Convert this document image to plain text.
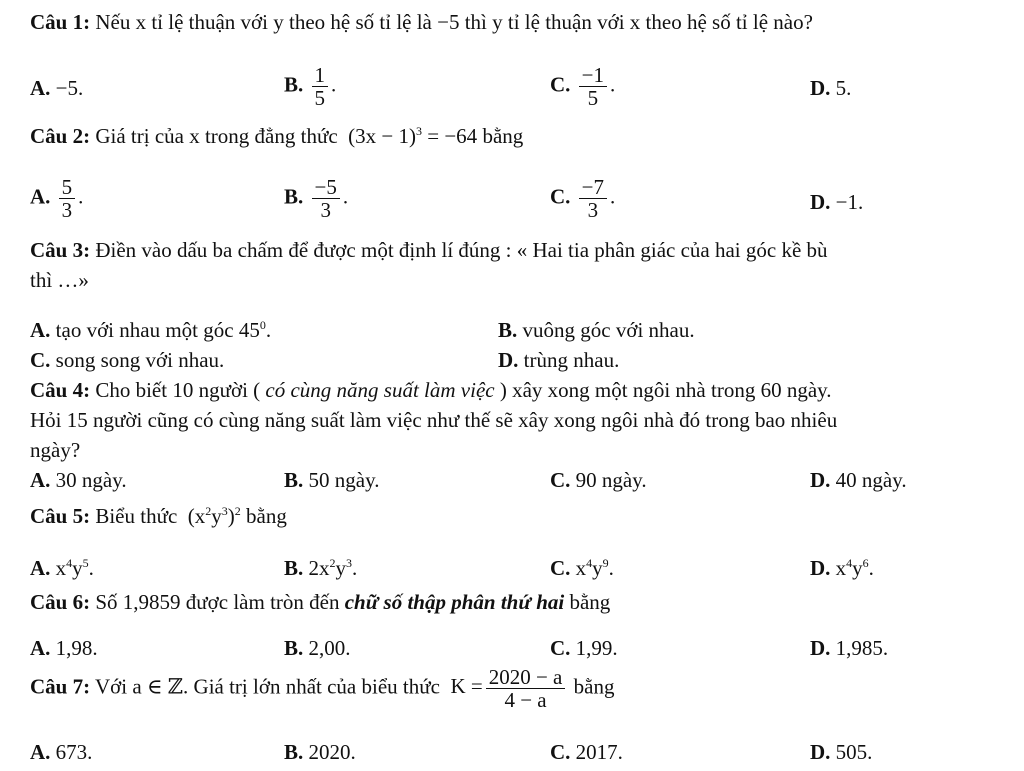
Câu 1: Nếu x tỉ lệ thuận với y theo hệ số tỉ lệ là −5 thì y tỉ lệ thuận với x theo hệ số tỉ lệ nào?
A. −5.	B. $\frac{1}{5}$ .	C. $\frac{-1}{5}$ .	D. 5.
Câu 2: Giá trị của x trong đẳng thức $(3x - 1)^3 = -64$ bằng
A. $\frac{5}{3}$ .	B. $\frac{-5}{3}$ .	C. $\frac{-7}{3}$ .	D. −1.
Câu 3: Điền vào dấu ba chấm để được một định lí đúng : « Hai tia phân giác của hai góc kề bù
thì …»
A. tạo với nhau một góc $45^0$.	B. vuông góc với nhau.
C. song song với nhau.	D. trùng nhau.
Câu 4: Cho biết 10 người ( có cùng năng suất làm việc ) xây xong một ngôi nhà trong 60 ngày.
Hỏi 15 người cũng có cùng năng suất làm việc như thế sẽ xây xong ngôi nhà đó trong bao nhiêu
ngày?
A. 30 ngày.	B. 50 ngày.	C. 90 ngày.	D. 40 ngày.
Câu 5: Biểu thức $(x^2y^3)^2$ bằng
A. $x^4y^5$.	B. $2x^2y^3$.	C. $x^4y^9$.	D. $x^4y^6$.
Câu 6: Số 1,9859 được làm tròn đến chữ số thập phân thứ hai bằng
A. 1,98.	B. 2,00.	C. 1,99.	D. 1,985.
Câu 7: Với a ∈ ℤ. Giá trị lớn nhất của biểu thức $K = \frac{2020 - a}{4 - a}$ bằng
A. 673.	B. 2020.	C. 2017.	D. 505.
